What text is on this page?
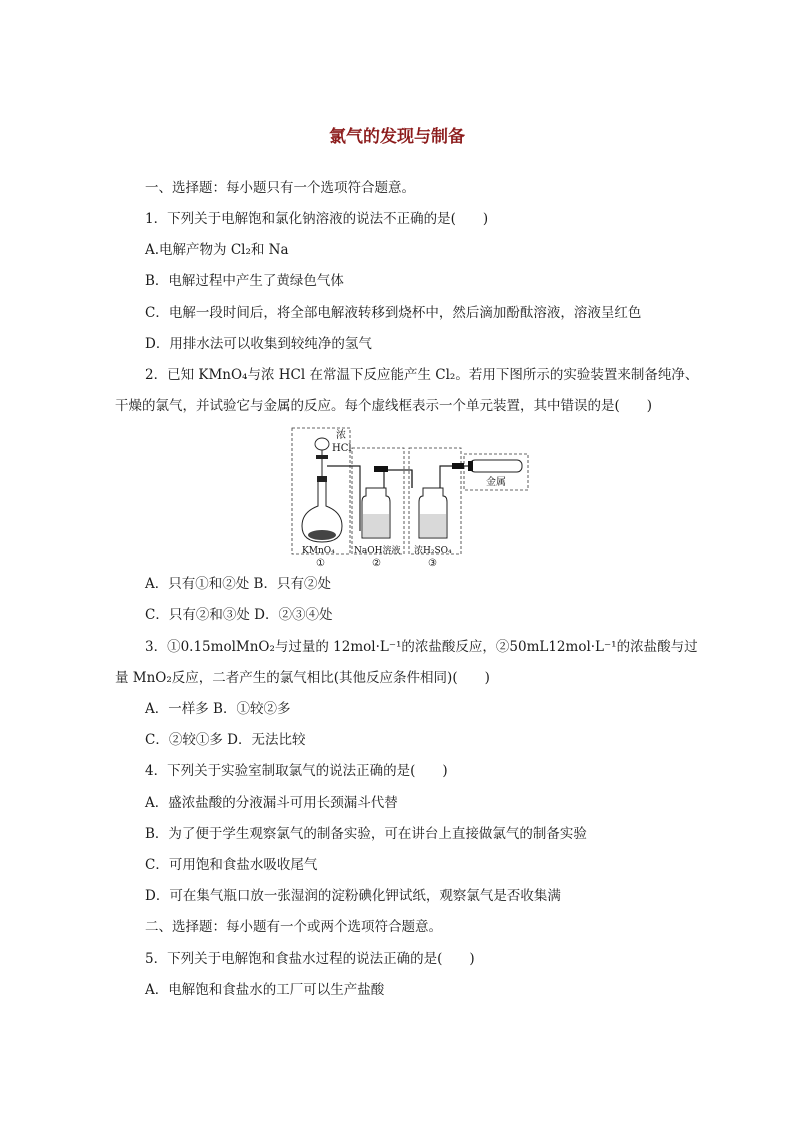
氯气的发现与制备
一、选择题：每小题只有一个选项符合题意。
1．下列关于电解饱和氯化钠溶液的说法不正确的是(　　)
A.电解产物为 Cl₂和 Na
B．电解过程中产生了黄绿色气体
C．电解一段时间后，将全部电解液转移到烧杯中，然后滴加酚酞溶液，溶液呈红色
D．用排水法可以收集到较纯净的氢气
2．已知 KMnO₄与浓 HCl 在常温下反应能产生 Cl₂。若用下图所示的实验装置来制备纯净、
干燥的氯气，并试验它与金属的反应。每个虚线框表示一个单元装置，其中错误的是(　　)
浓
HCl
KMnO₄ NaOH溶液 浓H₂SO₄
金属
①	②	③
A．只有①和②处 B．只有②处
C．只有②和③处 D．②③④处
3．①0.15molMnO₂与过量的 12mol·L⁻¹的浓盐酸反应，②50mL12mol·L⁻¹的浓盐酸与过
量 MnO₂反应，二者产生的氯气相比(其他反应条件相同)(　　)
A．一样多 B．①较②多
C．②较①多 D．无法比较
4．下列关于实验室制取氯气的说法正确的是(　　)
A．盛浓盐酸的分液漏斗可用长颈漏斗代替
B．为了便于学生观察氯气的制备实验，可在讲台上直接做氯气的制备实验
C．可用饱和食盐水吸收尾气
D．可在集气瓶口放一张湿润的淀粉碘化钾试纸，观察氯气是否收集满
二、选择题：每小题有一个或两个选项符合题意。
5．下列关于电解饱和食盐水过程的说法正确的是(　　)
A．电解饱和食盐水的工厂可以生产盐酸
